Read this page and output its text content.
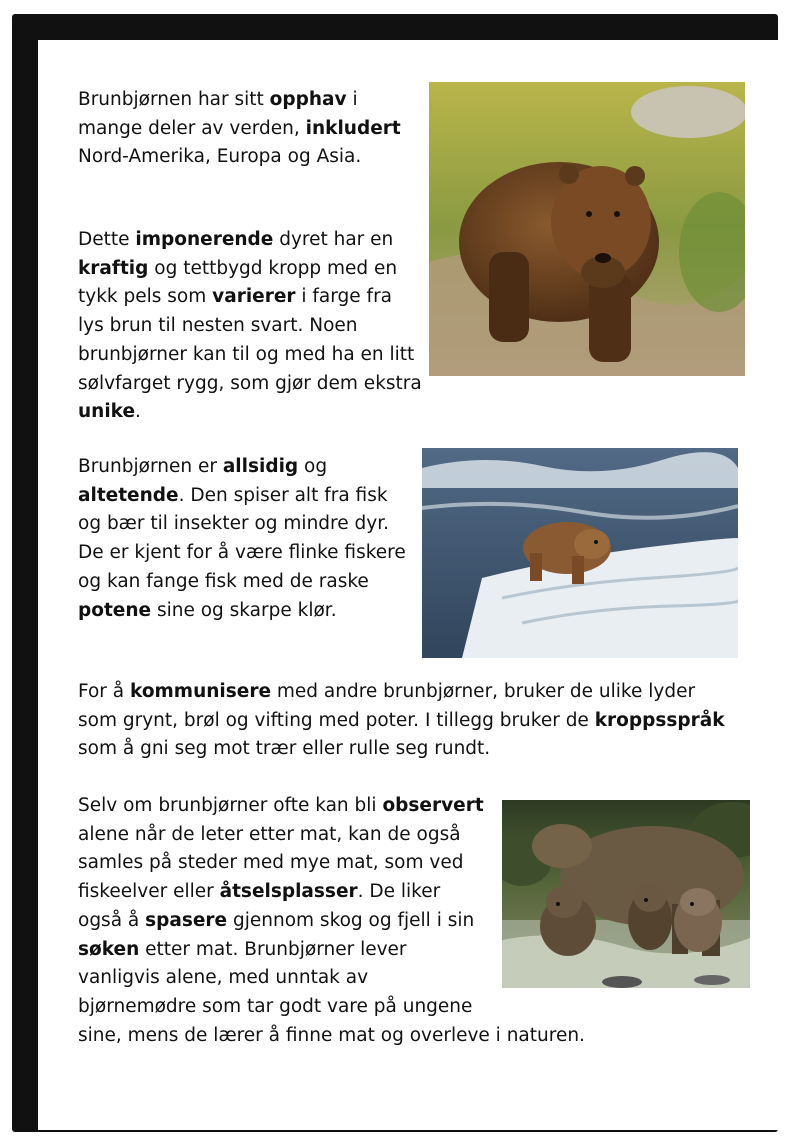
Brunbjørnen har sitt opphav i mange deler av verden, inkludert Nord-Amerika, Europa og Asia.

Dette imponerende dyret har en kraftig og tettbygd kropp med en tykk pels som varierer i farge fra lys brun til nesten svart. Noen brunbjørner kan til og med ha en litt sølvfarget rygg, som gjør dem ekstra unike.

Brunbjørnen er allsidig og altetende. Den spiser alt fra fisk og bær til insekter og mindre dyr. De er kjent for å være flinke fiskere og kan fange fisk med de raske potene sine og skarpe klør.

For å kommunisere med andre brunbjørner, bruker de ulike lyder som grynt, brøl og vifting med poter. I tillegg bruker de kroppsspråk som å gni seg mot trær eller rulle seg rundt.

Selv om brunbjørner ofte kan bli observert alene når de leter etter mat, kan de også samles på steder med mye mat, som ved fiskeelver eller åtselsplasser. De liker også å spasere gjennom skog og fjell i sin søken etter mat. Brunbjørner lever vanligvis alene, med unntak av bjørnemødre som tar godt vare på ungene sine, mens de lærer å finne mat og overleve i naturen.
